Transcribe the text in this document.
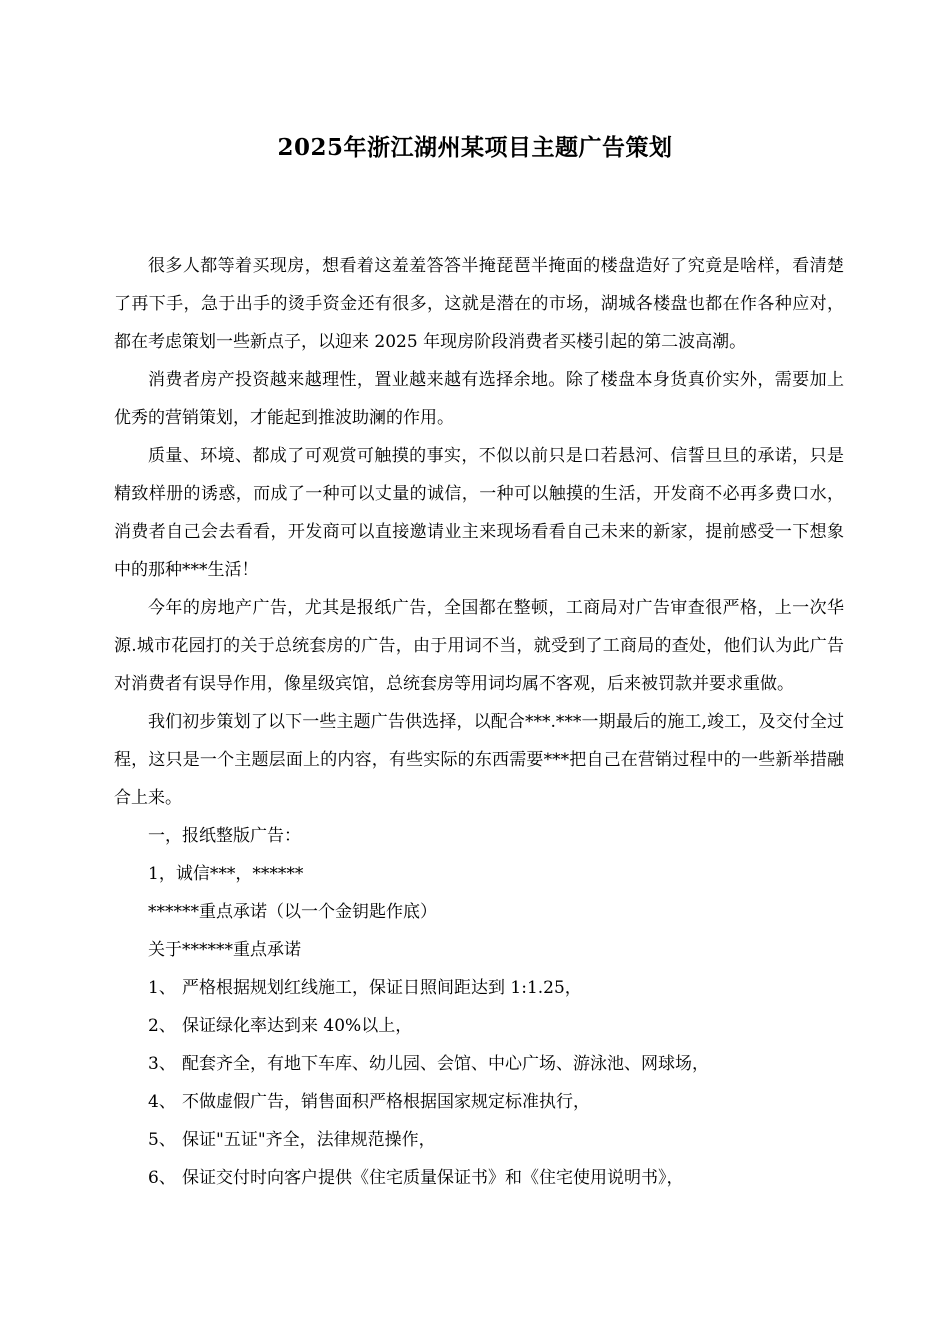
2025年浙江湖州某项目主题广告策划

很多人都等着买现房，想看着这羞羞答答半掩琵琶半掩面的楼盘造好了究竟是啥样，看清楚了再下手，急于出手的烫手资金还有很多，这就是潜在的市场，湖城各楼盘也都在作各种应对，都在考虑策划一些新点子，以迎来 2025 年现房阶段消费者买楼引起的第二波高潮。

消费者房产投资越来越理性，置业越来越有选择余地。除了楼盘本身货真价实外，需要加上优秀的营销策划，才能起到推波助澜的作用。

质量、环境、都成了可观赏可触摸的事实，不似以前只是口若悬河、信誓旦旦的承诺，只是精致样册的诱惑，而成了一种可以丈量的诚信，一种可以触摸的生活，开发商不必再多费口水，消费者自己会去看看，开发商可以直接邀请业主来现场看看自己未来的新家，提前感受一下想象中的那种***生活！

今年的房地产广告，尤其是报纸广告，全国都在整顿，工商局对广告审查很严格，上一次华源.城市花园打的关于总统套房的广告，由于用词不当，就受到了工商局的查处，他们认为此广告对消费者有误导作用，像星级宾馆，总统套房等用词均属不客观，后来被罚款并要求重做。

我们初步策划了以下一些主题广告供选择，以配合***.***一期最后的施工,竣工，及交付全过程，这只是一个主题层面上的内容，有些实际的东西需要***把自己在营销过程中的一些新举措融合上来。

一，报纸整版广告：

1，诚信***，******

******重点承诺（以一个金钥匙作底）

关于******重点承诺

1、 严格根据规划红线施工，保证日照间距达到 1:1.25，

2、 保证绿化率达到来 40%以上，

3、 配套齐全，有地下车库、幼儿园、会馆、中心广场、游泳池、网球场，

4、 不做虚假广告，销售面积严格根据国家规定标准执行，

5、 保证"五证"齐全，法律规范操作，

6、 保证交付时向客户提供《住宅质量保证书》和《住宅使用说明书》，
